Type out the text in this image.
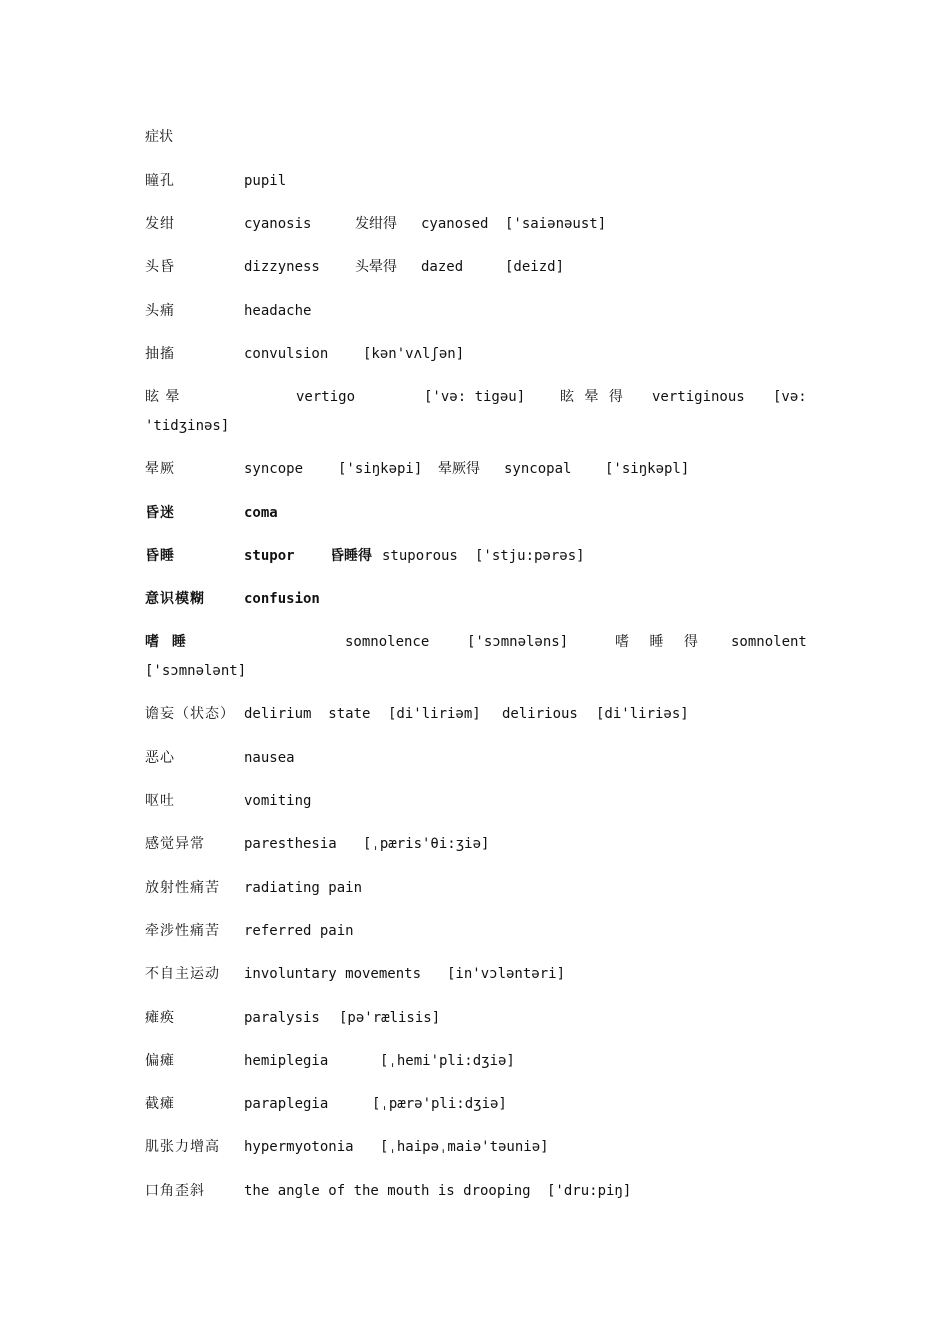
症状
瞳孔	pupil
发绀	cyanosis	发绀得 cyanosed ['saiənəust]
头昏	dizzyness	头晕得 dazed	[deizd]
头痛	headache
抽搐	convulsion [kən'vʌlʃən]
眩 晕	vertigo	['və: tigəu] 眩 晕 得 vertiginous [və:
'tidʒinəs]
晕厥	syncope ['siŋkəpi] 晕厥得 syncopal ['siŋkəpl]
昏迷	coma
昏睡	stupor	昏睡得 stuporous ['stju:pərəs]
意识模糊	confusion
嗜 睡	somnolence	['sɔmnələns]	嗜 睡 得 somnolent
['sɔmnələnt]
谵妄（状态） delirium  state [di'liriəm] delirious [di'liriəs]
恶心	nausea
呕吐	vomiting
感觉异常	paresthesia [ˌpæris'θi:ʒiə]
放射性痛苦 radiating pain
牵涉性痛苦 referred pain
不自主运动 involuntary movements [in'vɔləntəri]
瘫痪	paralysis [pə'rælisis]
偏瘫	hemiplegia	[ˌhemi'pli:dʒiə]
截瘫	paraplegia	[ˌpærə'pli:dʒiə]
肌张力增高 hypermyotonia [ˌhaipəˌmaiə'təuniə]
口角歪斜	the angle of the mouth is drooping ['dru:piŋ]
